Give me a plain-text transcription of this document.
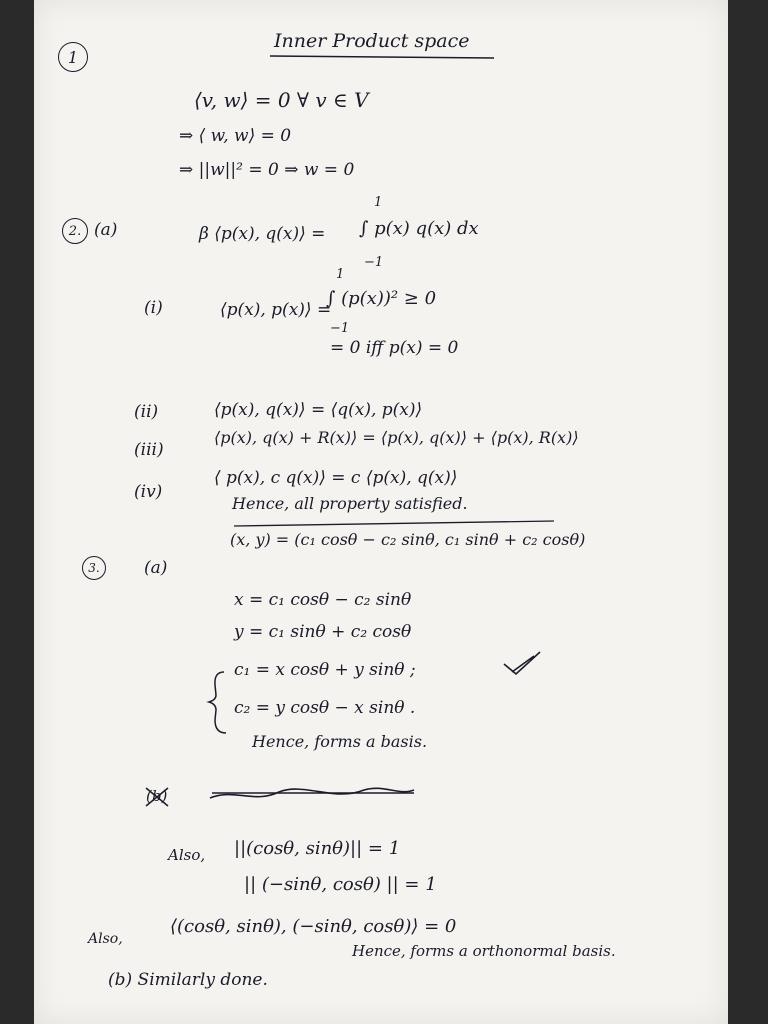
Inner Product space
1
⟨v, w⟩ = 0 ∀ v ∈ V
⇒ ⟨ w, w⟩ = 0
⇒ ||w||² = 0 ⇒ w = 0
2. (a)
1
β ⟨p(x), q(x)⟩ = ∫ p(x) q(x) dx
−1
(i)
1
⟨p(x), p(x)⟩ =
∫ (p(x))² ≥ 0
−1
= 0 iff p(x) = 0
(ii)	⟨p(x), q(x)⟩ = ⟨q(x), p(x)⟩
(iii)
⟨p(x), q(x) + R(x)⟩ = ⟨p(x), q(x)⟩ + ⟨p(x), R(x)⟩
(iv)
⟨ p(x), c q(x)⟩ = c ⟨p(x), q(x)⟩
Hence, all property satisfied.
3.	(a)
(x, y) = (c₁ cosθ − c₂ sinθ, c₁ sinθ + c₂ cosθ)
x = c₁ cosθ − c₂ sinθ
y = c₁ sinθ + c₂ cosθ
c₁ = x cosθ + y sinθ ;
c₂ = y cosθ − x sinθ .
Hence, forms a basis.
(b)
Also, ||(cosθ, sinθ)|| = 1
|| (−sinθ, cosθ) || = 1
Also,
⟨(cosθ, sinθ), (−sinθ, cosθ)⟩ = 0
Hence, forms a orthonormal basis.
(b) Similarly done.
